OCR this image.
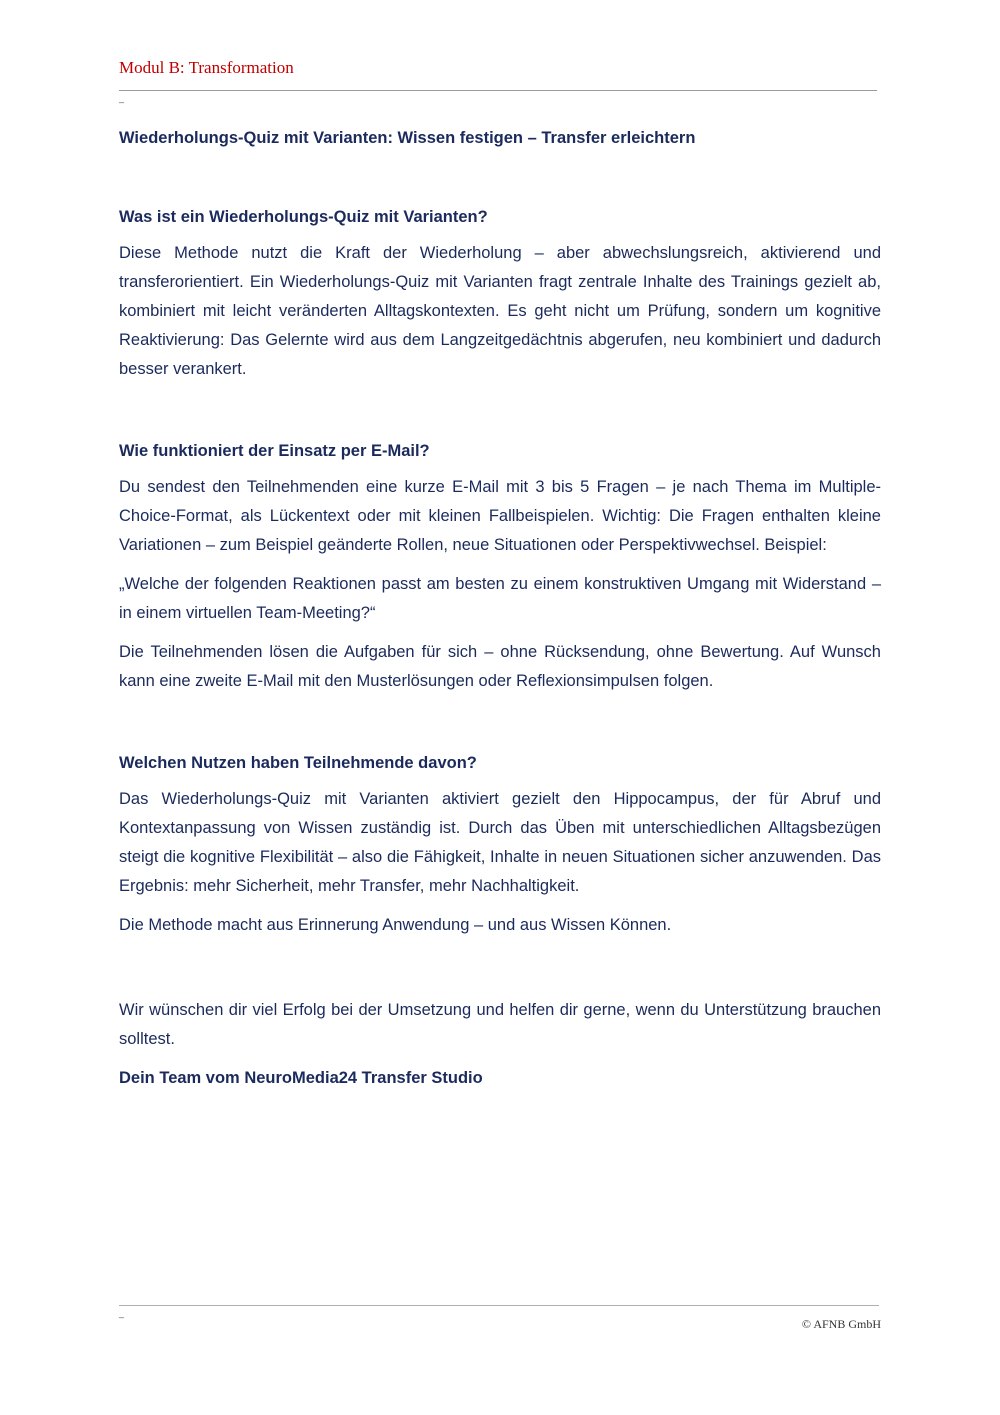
Modul B: Transformation
_
Wiederholungs-Quiz mit Varianten: Wissen festigen – Transfer erleichtern
Was ist ein Wiederholungs-Quiz mit Varianten?

Diese Methode nutzt die Kraft der Wiederholung – aber abwechslungsreich, aktivierend und transferorientiert. Ein Wiederholungs-Quiz mit Varianten fragt zentrale Inhalte des Trainings gezielt ab, kombiniert mit leicht veränderten Alltagskontexten. Es geht nicht um Prüfung, sondern um kognitive Reaktivierung: Das Gelernte wird aus dem Langzeitgedächtnis abgerufen, neu kombiniert und dadurch besser verankert.

Wie funktioniert der Einsatz per E-Mail?

Du sendest den Teilnehmenden eine kurze E-Mail mit 3 bis 5 Fragen – je nach Thema im Multiple-Choice-Format, als Lückentext oder mit kleinen Fallbeispielen. Wichtig: Die Fragen enthalten kleine Variationen – zum Beispiel geänderte Rollen, neue Situationen oder Perspektivwechsel. Beispiel:

„Welche der folgenden Reaktionen passt am besten zu einem konstruktiven Umgang mit Widerstand – in einem virtuellen Team-Meeting?“

Die Teilnehmenden lösen die Aufgaben für sich – ohne Rücksendung, ohne Bewertung. Auf Wunsch kann eine zweite E-Mail mit den Musterlösungen oder Reflexionsimpulsen folgen.

Welchen Nutzen haben Teilnehmende davon?

Das Wiederholungs-Quiz mit Varianten aktiviert gezielt den Hippocampus, der für Abruf und Kontextanpassung von Wissen zuständig ist. Durch das Üben mit unterschiedlichen Alltagsbezügen steigt die kognitive Flexibilität – also die Fähigkeit, Inhalte in neuen Situationen sicher anzuwenden. Das Ergebnis: mehr Sicherheit, mehr Transfer, mehr Nachhaltigkeit.

Die Methode macht aus Erinnerung Anwendung – und aus Wissen Können.

Wir wünschen dir viel Erfolg bei der Umsetzung und helfen dir gerne, wenn du Unterstützung brauchen solltest.

Dein Team vom NeuroMedia24 Transfer Studio

_
© AFNB GmbH
